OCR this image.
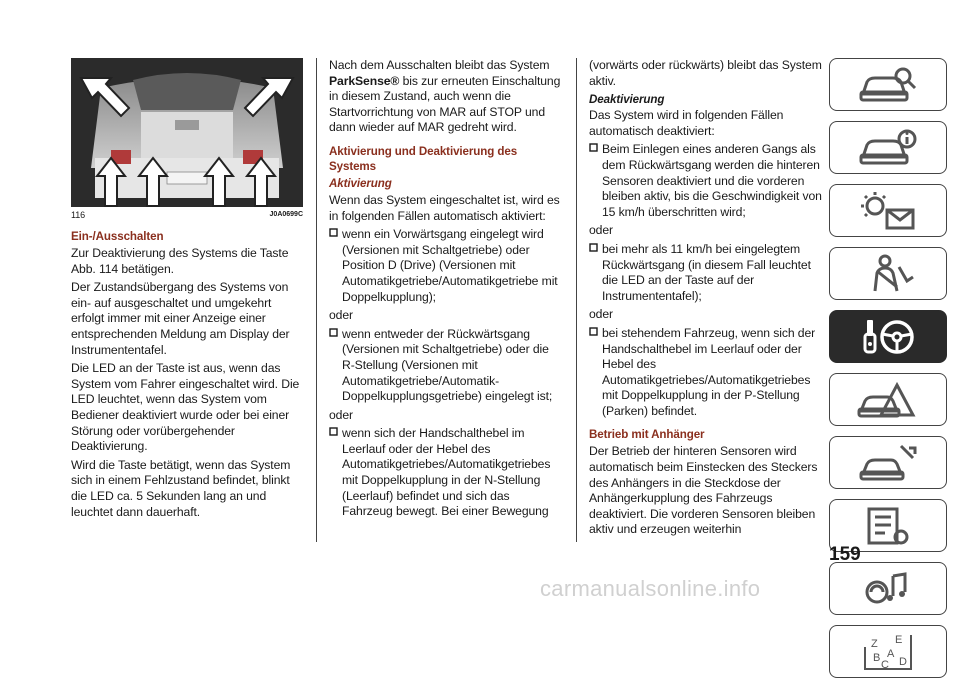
116	J0A0699C
Ein-/Ausschalten

Zur Deaktivierung des Systems die Taste Abb. 114 betätigen.

Der Zustandsübergang des Systems von ein- auf ausgeschaltet und umgekehrt erfolgt immer mit einer Anzeige einer entsprechenden Meldung am Display der Instrumententafel.

Die LED an der Taste ist aus, wenn das System vom Fahrer eingeschaltet wird. Die LED leuchtet, wenn das System vom Bediener deaktiviert wurde oder bei einer Störung oder vorübergehender Deaktivierung.

Wird die Taste betätigt, wenn das System sich in einem Fehlzustand befindet, blinkt die LED ca. 5 Sekunden lang an und leuchtet dann dauerhaft.

Nach dem Ausschalten bleibt das System ParkSense® bis zur erneuten Einschaltung in diesem Zustand, auch wenn die Startvorrichtung von MAR auf STOP und dann wieder auf MAR gedreht wird.

Aktivierung und Deaktivierung des Systems
Aktivierung

Wenn das System eingeschaltet ist, wird es in folgenden Fällen automatisch aktiviert:

wenn ein Vorwärtsgang eingelegt wird (Versionen mit Schaltgetriebe) oder Position D (Drive) (Versionen mit Automatikgetriebe/Automatikgetriebe mit Doppelkupplung);
oder
wenn entweder der Rückwärtsgang (Versionen mit Schaltgetriebe) oder die R-Stellung (Versionen mit Automatikgetriebe/Automatik-Doppelkupplungsgetriebe) eingelegt ist;
oder
wenn sich der Handschalthebel im Leerlauf oder der Hebel des Automatikgetriebes/Automatikgetriebes mit Doppelkupplung in der N-Stellung (Leerlauf) befindet und sich das Fahrzeug bewegt. Bei einer Bewegung

(vorwärts oder rückwärts) bleibt das System aktiv.

Deaktivierung

Das System wird in folgenden Fällen automatisch deaktiviert:

Beim Einlegen eines anderen Gangs als dem Rückwärtsgang werden die hinteren Sensoren deaktiviert und die vorderen bleiben aktiv, bis die Geschwindigkeit von 15 km/h überschritten wird;
oder
bei mehr als 11 km/h bei eingelegtem Rückwärtsgang (in diesem Fall leuchtet die LED an der Taste auf der Instrumententafel);
oder
bei stehendem Fahrzeug, wenn sich der Handschalthebel im Leerlauf oder der Hebel des Automatikgetriebes/Automatikgetriebes mit Doppelkupplung in der P-Stellung (Parken) befindet.
Betrieb mit Anhänger

Der Betrieb der hinteren Sensoren wird automatisch beim Einstecken des Steckers des Anhängers in die Steckdose der Anhängerkupplung des Fahrzeugs deaktiviert. Die vorderen Sensoren bleiben aktiv und erzeugen weiterhin

Z E
B A
C D
159
carmanualsonline.info
